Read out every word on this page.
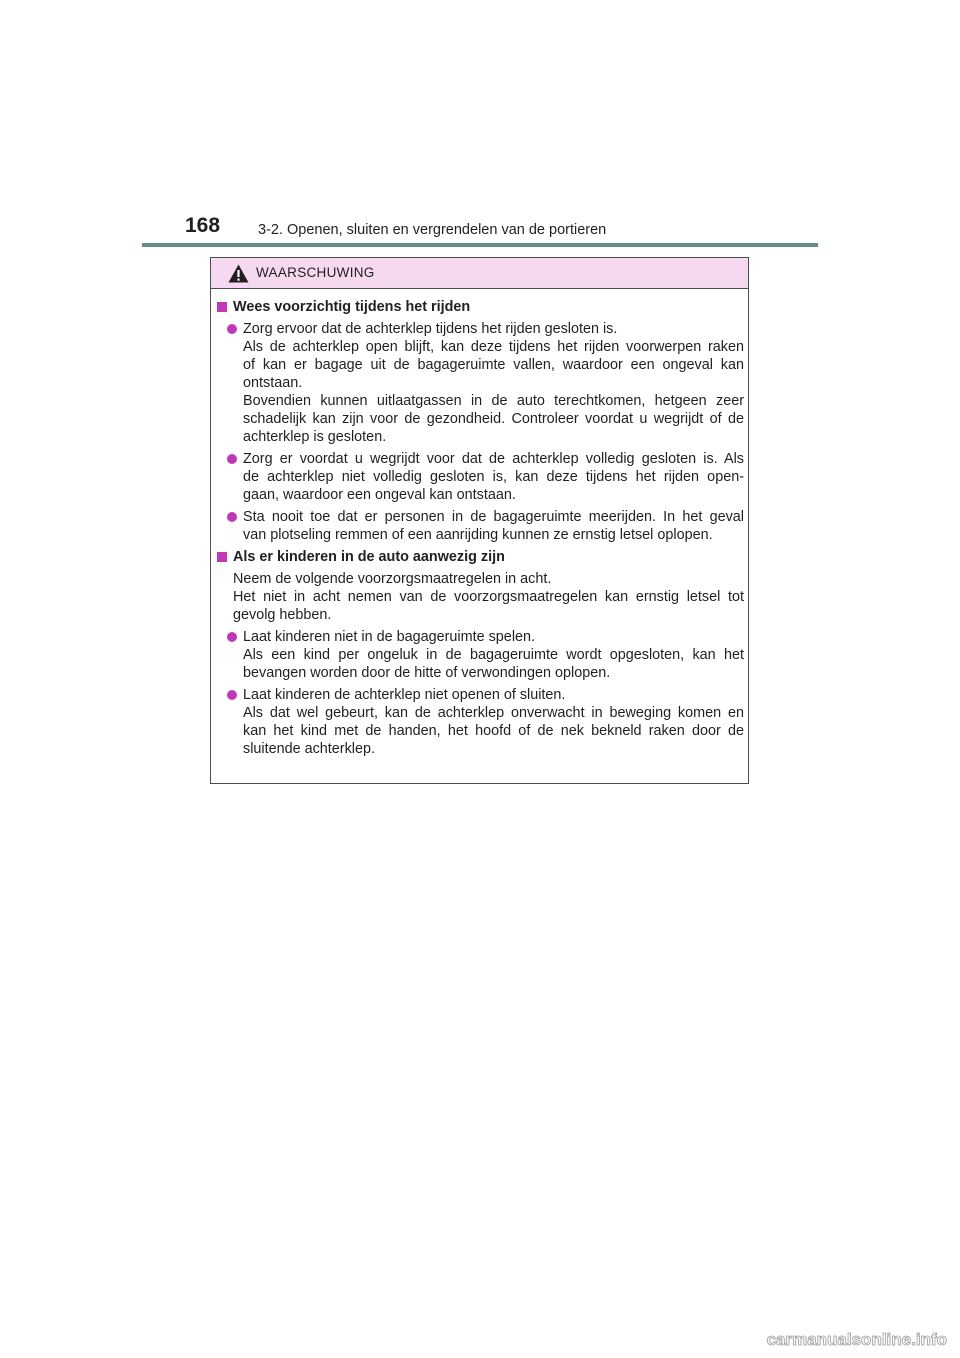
168	3-2. Openen, sluiten en vergrendelen van de portieren
WAARSCHUWING
Wees voorzichtig tijdens het rijden
Zorg ervoor dat de achterklep tijdens het rijden gesloten is.
Als de achterklep open blijft, kan deze tijdens het rijden voorwerpen raken
of kan er bagage uit de bagageruimte vallen, waardoor een ongeval kan
ontstaan.
Bovendien kunnen uitlaatgassen in de auto terechtkomen, hetgeen zeer
schadelijk kan zijn voor de gezondheid. Controleer voordat u wegrijdt of de
achterklep is gesloten.
Zorg er voordat u wegrijdt voor dat de achterklep volledig gesloten is. Als
de achterklep niet volledig gesloten is, kan deze tijdens het rijden open-
gaan, waardoor een ongeval kan ontstaan.
Sta nooit toe dat er personen in de bagageruimte meerijden. In het geval
van plotseling remmen of een aanrijding kunnen ze ernstig letsel oplopen.
Als er kinderen in de auto aanwezig zijn
Neem de volgende voorzorgsmaatregelen in acht.
Het niet in acht nemen van de voorzorgsmaatregelen kan ernstig letsel tot
gevolg hebben.
Laat kinderen niet in de bagageruimte spelen.
Als een kind per ongeluk in de bagageruimte wordt opgesloten, kan het
bevangen worden door de hitte of verwondingen oplopen.
Laat kinderen de achterklep niet openen of sluiten.
Als dat wel gebeurt, kan de achterklep onverwacht in beweging komen en
kan het kind met de handen, het hoofd of de nek bekneld raken door de
sluitende achterklep.
carmanualsonline.info
